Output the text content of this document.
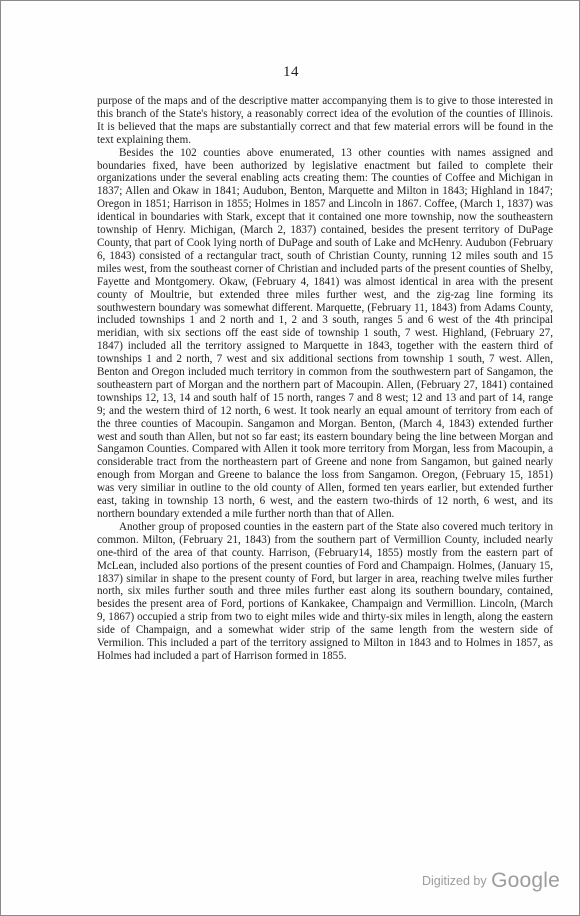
14

purpose of the maps and of the descriptive matter accompanying them is to give to those interested in this branch of the State's history, a reasonably correct idea of the evolution of the counties of Illinois. It is believed that the maps are substantially correct and that few material errors will be found in the text explaining them.

Besides the 102 counties above enumerated, 13 other counties with names assigned and boundaries fixed, have been authorized by legislative enactment but failed to complete their organizations under the several enabling acts creating them: The counties of Coffee and Michigan in 1837; Allen and Okaw in 1841; Audubon, Benton, Marquette and Milton in 1843; Highland in 1847; Oregon in 1851; Harrison in 1855; Holmes in 1857 and Lincoln in 1867. Coffee, (March 1, 1837) was identical in boundaries with Stark, except that it contained one more township, now the southeastern township of Henry. Michigan, (March 2, 1837) contained, besides the present territory of DuPage County, that part of Cook lying north of DuPage and south of Lake and McHenry. Audubon (February 6, 1843) consisted of a rectangular tract, south of Christian County, running 12 miles south and 15 miles west, from the southeast corner of Christian and included parts of the present counties of Shelby, Fayette and Montgomery. Okaw, (February 4, 1841) was almost identical in area with the present county of Moultrie, but extended three miles further west, and the zig-zag line forming its southwestern boundary was somewhat different. Marquette, (February 11, 1843) from Adams County, included townships 1 and 2 north and 1, 2 and 3 south, ranges 5 and 6 west of the 4th principal meridian, with six sections off the east side of township 1 south, 7 west. Highland, (February 27, 1847) included all the territory assigned to Marquette in 1843, together with the eastern third of townships 1 and 2 north, 7 west and six additional sections from township 1 south, 7 west. Allen, Benton and Oregon included much territory in common from the southwestern part of Sangamon, the southeastern part of Morgan and the northern part of Macoupin. Allen, (February 27, 1841) contained townships 12, 13, 14 and south half of 15 north, ranges 7 and 8 west; 12 and 13 and part of 14, range 9; and the western third of 12 north, 6 west. It took nearly an equal amount of territory from each of the three counties of Macoupin. Sangamon and Morgan. Benton, (March 4, 1843) extended further west and south than Allen, but not so far east; its eastern boundary being the line between Morgan and Sangamon Counties. Compared with Allen it took more territory from Morgan, less from Macoupin, a considerable tract from the northeastern part of Greene and none from Sangamon, but gained nearly enough from Morgan and Greene to balance the loss from Sangamon. Oregon, (February 15, 1851) was very similiar in outline to the old county of Allen, formed ten years earlier, but extended further east, taking in township 13 north, 6 west, and the eastern two-thirds of 12 north, 6 west, and its northern boundary extended a mile further north than that of Allen.

Another group of proposed counties in the eastern part of the State also covered much teritory in common. Milton, (February 21, 1843) from the southern part of Vermillion County, included nearly one-third of the area of that county. Harrison, (February14, 1855) mostly from the eastern part of McLean, included also portions of the present counties of Ford and Champaign. Holmes, (January 15, 1837) similar in shape to the present county of Ford, but larger in area, reaching twelve miles further north, six miles further south and three miles further east along its southern boundary, contained, besides the present area of Ford, portions of Kankakee, Champaign and Vermillion. Lincoln, (March 9, 1867) occupied a strip from two to eight miles wide and thirty-six miles in length, along the eastern side of Champaign, and a somewhat wider strip of the same length from the western side of Vermilion. This included a part of the territory assigned to Milton in 1843 and to Holmes in 1857, as Holmes had included a part of Harrison formed in 1855.

Digitized by Google
